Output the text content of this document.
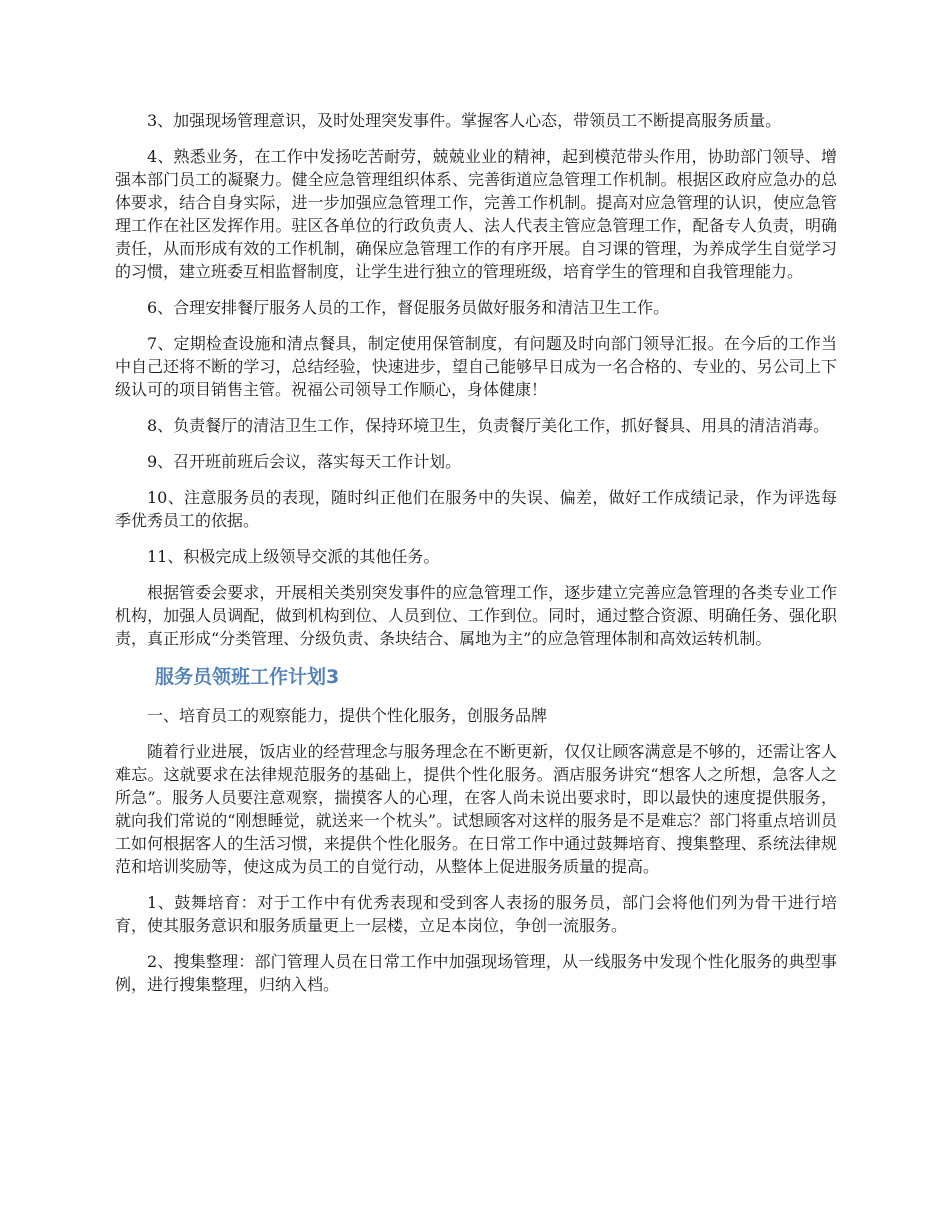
3、加强现场管理意识，及时处理突发事件。掌握客人心态，带领员工不断提高服务质量。

4、熟悉业务，在工作中发扬吃苦耐劳，兢兢业业的精神，起到模范带头作用，协助部门领导、增强本部门员工的凝聚力。健全应急管理组织体系、完善街道应急管理工作机制。根据区政府应急办的总体要求，结合自身实际，进一步加强应急管理工作，完善工作机制。提高对应急管理的认识，使应急管理工作在社区发挥作用。驻区各单位的行政负责人、法人代表主管应急管理工作，配备专人负责，明确责任，从而形成有效的工作机制，确保应急管理工作的有序开展。自习课的管理，为养成学生自觉学习的习惯，建立班委互相监督制度，让学生进行独立的管理班级，培育学生的管理和自我管理能力。

6、合理安排餐厅服务人员的工作，督促服务员做好服务和清洁卫生工作。

7、定期检查设施和清点餐具，制定使用保管制度，有问题及时向部门领导汇报。在今后的工作当中自己还将不断的学习，总结经验，快速进步，望自己能够早日成为一名合格的、专业的、另公司上下级认可的项目销售主管。祝福公司领导工作顺心，身体健康！

8、负责餐厅的清洁卫生工作，保持环境卫生，负责餐厅美化工作，抓好餐具、用具的清洁消毒。

9、召开班前班后会议，落实每天工作计划。

10、注意服务员的表现，随时纠正他们在服务中的失误、偏差，做好工作成绩记录，作为评选每季优秀员工的依据。

11、积极完成上级领导交派的其他任务。

根据管委会要求，开展相关类别突发事件的应急管理工作，逐步建立完善应急管理的各类专业工作机构，加强人员调配，做到机构到位、人员到位、工作到位。同时，通过整合资源、明确任务、强化职责，真正形成“分类管理、分级负责、条块结合、属地为主”的应急管理体制和高效运转机制。

服务员领班工作计划3

一、培育员工的观察能力，提供个性化服务，创服务品牌

随着行业进展，饭店业的经营理念与服务理念在不断更新，仅仅让顾客满意是不够的，还需让客人难忘。这就要求在法律规范服务的基础上，提供个性化服务。酒店服务讲究“想客人之所想，急客人之所急”。服务人员要注意观察，揣摸客人的心理，在客人尚未说出要求时，即以最快的速度提供服务，就向我们常说的“刚想睡觉，就送来一个枕头”。试想顾客对这样的服务是不是难忘？部门将重点培训员工如何根据客人的生活习惯，来提供个性化服务。在日常工作中通过鼓舞培育、搜集整理、系统法律规范和培训奖励等，使这成为员工的自觉行动，从整体上促进服务质量的提高。

1、鼓舞培育：对于工作中有优秀表现和受到客人表扬的服务员，部门会将他们列为骨干进行培育，使其服务意识和服务质量更上一层楼，立足本岗位，争创一流服务。

2、搜集整理：部门管理人员在日常工作中加强现场管理，从一线服务中发现个性化服务的典型事例，进行搜集整理，归纳入档。
